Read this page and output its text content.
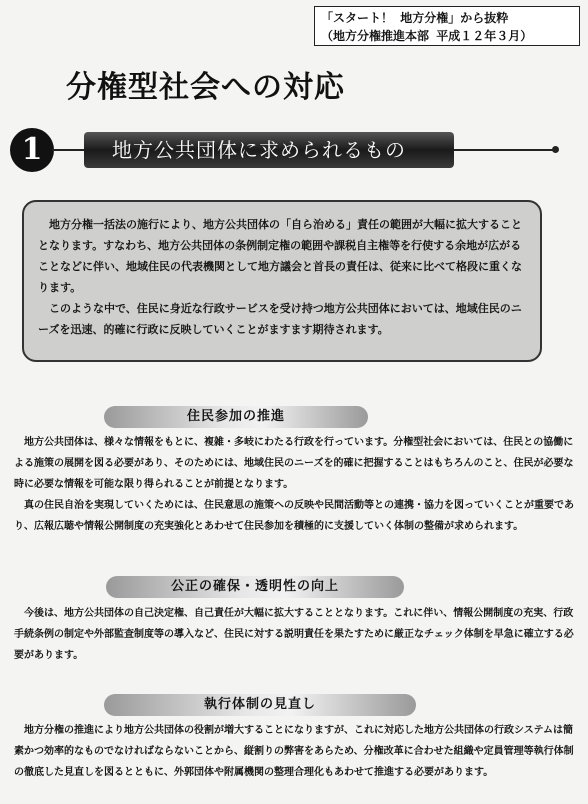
「スタート！ 地方分権」から抜粋
（地方分権推進本部 平成１２年３月）
分権型社会への対応
1	地方公共団体に求められるもの

地方分権一括法の施行により、地方公共団体の「自ら治める」責任の範囲が大幅に拡大することとなります。すなわち、地方公共団体の条例制定権の範囲や課税自主権等を行使する余地が広がることなどに伴い、地域住民の代表機関として地方議会と首長の責任は、従来に比べて格段に重くなります。

このような中で、住民に身近な行政サービスを受け持つ地方公共団体においては、地域住民のニーズを迅速、的確に行政に反映していくことがますます期待されます。

住民参加の推進

地方公共団体は、様々な情報をもとに、複雑・多岐にわたる行政を行っています。分権型社会においては、住民との協働による施策の展開を図る必要があり、そのためには、地域住民のニーズを的確に把握することはもちろんのこと、住民が必要な時に必要な情報を可能な限り得られることが前提となります。

真の住民自治を実現していくためには、住民意思の施策への反映や民間活動等との連携・協力を図っていくことが重要であり、広報広聴や情報公開制度の充実強化とあわせて住民参加を積極的に支援していく体制の整備が求められます。

公正の確保・透明性の向上

今後は、地方公共団体の自己決定権、自己責任が大幅に拡大することとなります。これに伴い、情報公開制度の充実、行政手続条例の制定や外部監査制度等の導入など、住民に対する説明責任を果たすために厳正なチェック体制を早急に確立する必要があります。

執行体制の見直し

地方分権の推進により地方公共団体の役割が増大することになりますが、これに対応した地方公共団体の行政システムは簡素かつ効率的なものでなければならないことから、縦割りの弊害をあらため、分権改革に合わせた組織や定員管理等執行体制の徹底した見直しを図るとともに、外郭団体や附属機関の整理合理化もあわせて推進する必要があります。
